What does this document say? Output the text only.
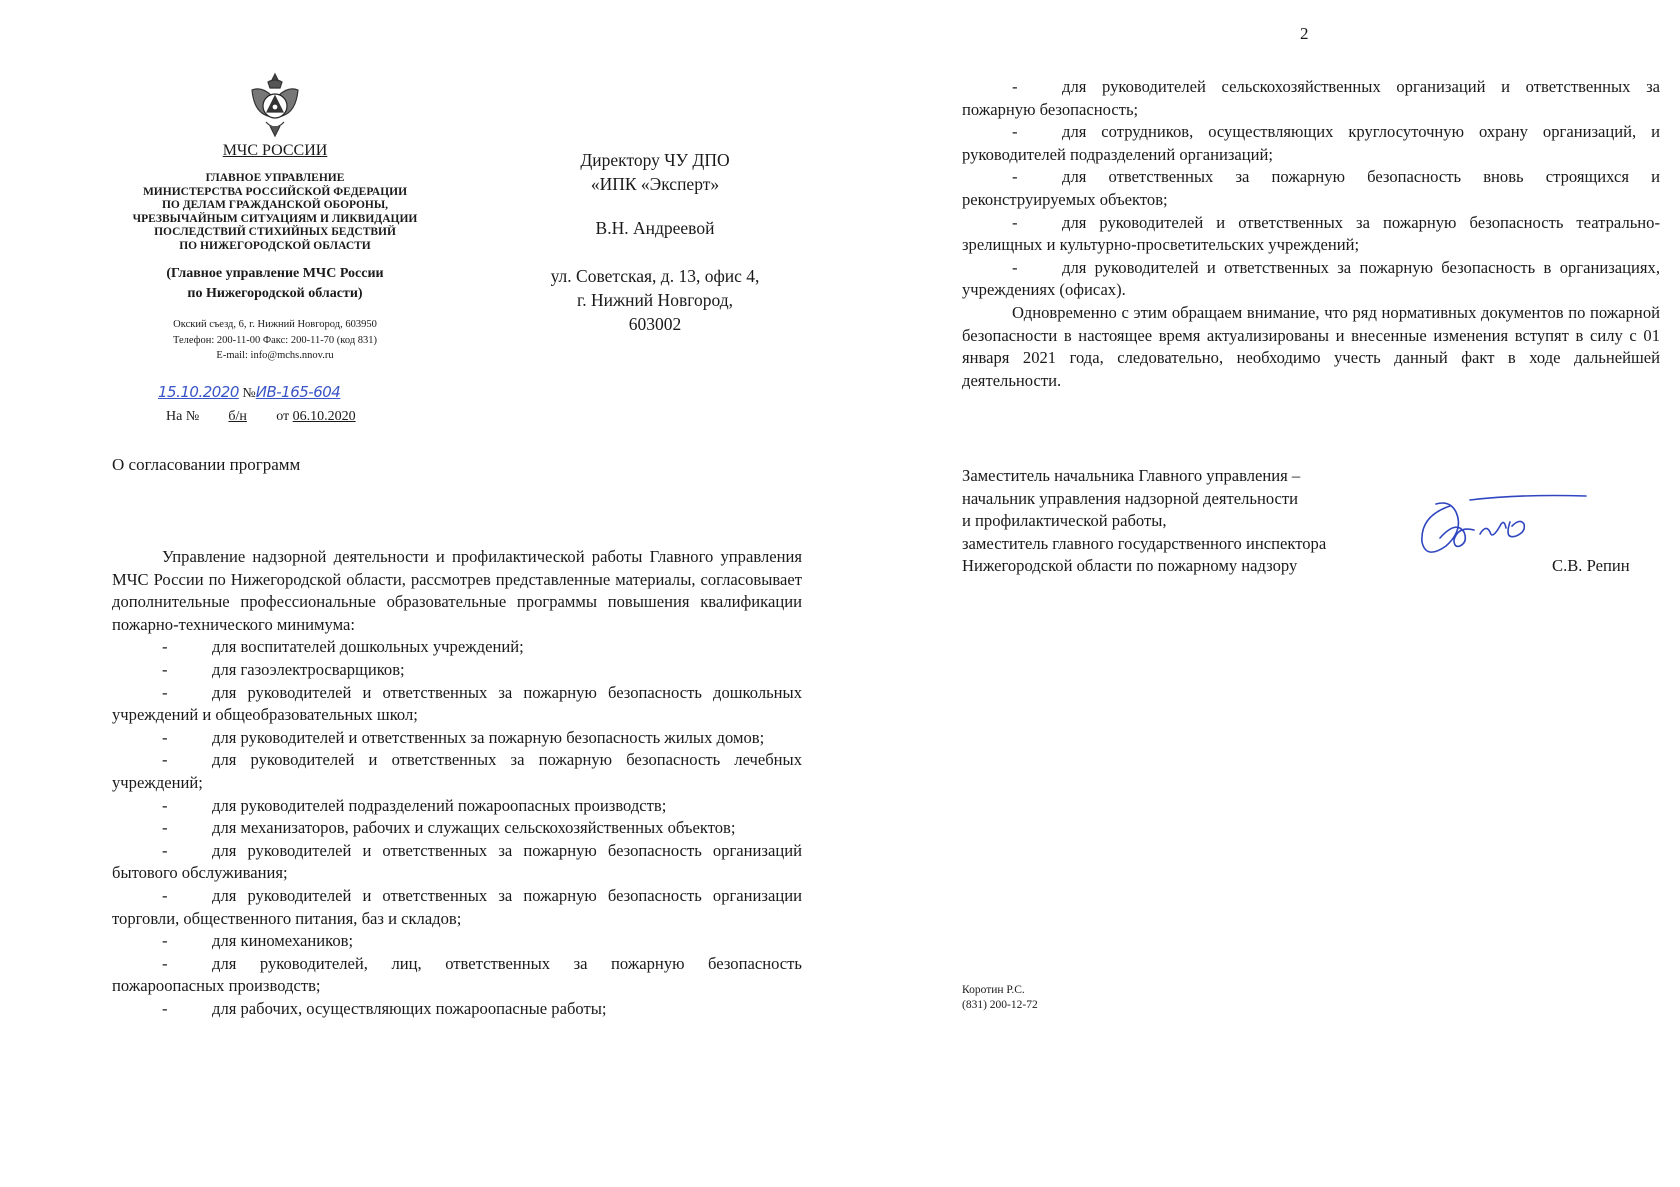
МЧС РОССИИ
ГЛАВНОЕ УПРАВЛЕНИЕ
МИНИСТЕРСТВА РОССИЙСКОЙ ФЕДЕРАЦИИ
ПО ДЕЛАМ ГРАЖДАНСКОЙ ОБОРОНЫ,
ЧРЕЗВЫЧАЙНЫМ СИТУАЦИЯМ И ЛИКВИДАЦИИ
ПОСЛЕДСТВИЙ СТИХИЙНЫХ БЕДСТВИЙ
ПО НИЖЕГОРОДСКОЙ ОБЛАСТИ
(Главное управление МЧС России
по Нижегородской области)
Окский съезд, 6, г. Нижний Новгород, 603950
Телефон: 200-11-00 Факс: 200-11-70 (код 831)
E-mail: info@mchs.nnov.ru
15.10.2020 №ИВ-165-604
На № б/н от 06.10.2020
Директору ЧУ ДПО
«ИПК «Эксперт»
В.Н. Андреевой
ул. Советская, д. 13, офис 4,
г. Нижний Новгород,
603002
О согласовании программ

Управление надзорной деятельности и профилактической работы Главного управления МЧС России по Нижегородской области, рассмотрев представленные материалы, согласовывает дополнительные профессиональные образовательные программы повышения квалификации пожарно-технического минимума:

-	для воспитателей дошкольных учреждений;

-	для газоэлектросварщиков;

-	для руководителей и ответственных за пожарную безопасность дошкольных учреждений и общеобразовательных школ;

-	для руководителей и ответственных за пожарную безопасность жилых домов;

-	для руководителей и ответственных за пожарную безопасность лечебных учреждений;

-	для руководителей подразделений пожароопасных производств;

-	для механизаторов, рабочих и служащих сельскохозяйственных объектов;

-	для руководителей и ответственных за пожарную безопасность организаций бытового обслуживания;

-	для руководителей и ответственных за пожарную безопасность организации торговли, общественного питания, баз и складов;

-	для киномехаников;

-	для руководителей, лиц, ответственных за пожарную безопасность пожароопасных производств;

-	для рабочих, осуществляющих пожароопасные работы;

2

-	для руководителей сельскохозяйственных организаций и ответственных за пожарную безопасность;

-	для сотрудников, осуществляющих круглосуточную охрану организаций, и руководителей подразделений организаций;

-	для ответственных за пожарную безопасность вновь строящихся и реконструируемых объектов;

-	для руководителей и ответственных за пожарную безопасность театрально-зрелищных и культурно-просветительских учреждений;

-	для руководителей и ответственных за пожарную безопасность в организациях, учреждениях (офисах).

Одновременно с этим обращаем внимание, что ряд нормативных документов по пожарной безопасности в настоящее время актуализированы и внесенные изменения вступят в силу с 01 января 2021 года, следовательно, необходимо учесть данный факт в ходе дальнейшей деятельности.

Заместитель начальника Главного управления –
начальник управления надзорной деятельности
и профилактической работы,
заместитель главного государственного инспектора
Нижегородской области по пожарному надзору	С.В. Репин
Коротин Р.С.
(831) 200-12-72
